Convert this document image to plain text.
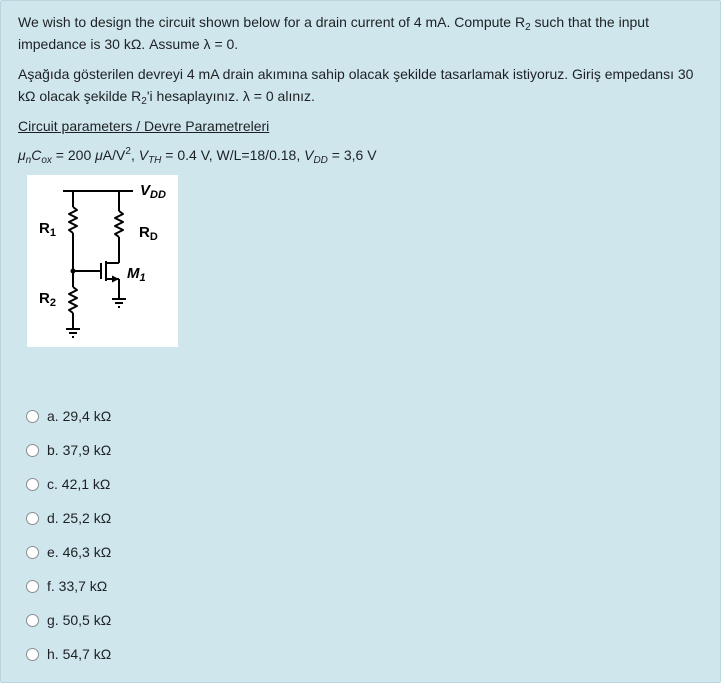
We wish to design the circuit shown below for a drain current of 4 mA. Compute $R_2$ such that the input impedance is 30 kΩ. Assume λ = 0.
Aşağıda gösterilen devreyi 4 mA drain akımına sahip olacak şekilde tasarlamak istiyoruz. Giriş empedansı 30 kΩ olacak şekilde $R_2'i$ hesaplayınız. λ = 0 alınız.
Circuit parameters / Devre Parametreleri
$\mu_nC_{ox} = 200$ $\mu A/V^2$, $V_{TH} = 0.4$ V, W/L=18/0.18, $V_{DD} = 3,6$ V
$V_{DD}$
$R_1$	$R_D$
$M_1$
$R_2$
a. 29,4 kΩ
b. 37,9 kΩ
c. 42,1 kΩ
d. 25,2 kΩ
e. 46,3 kΩ
f. 33,7 kΩ
g. 50,5 kΩ
h. 54,7 kΩ
